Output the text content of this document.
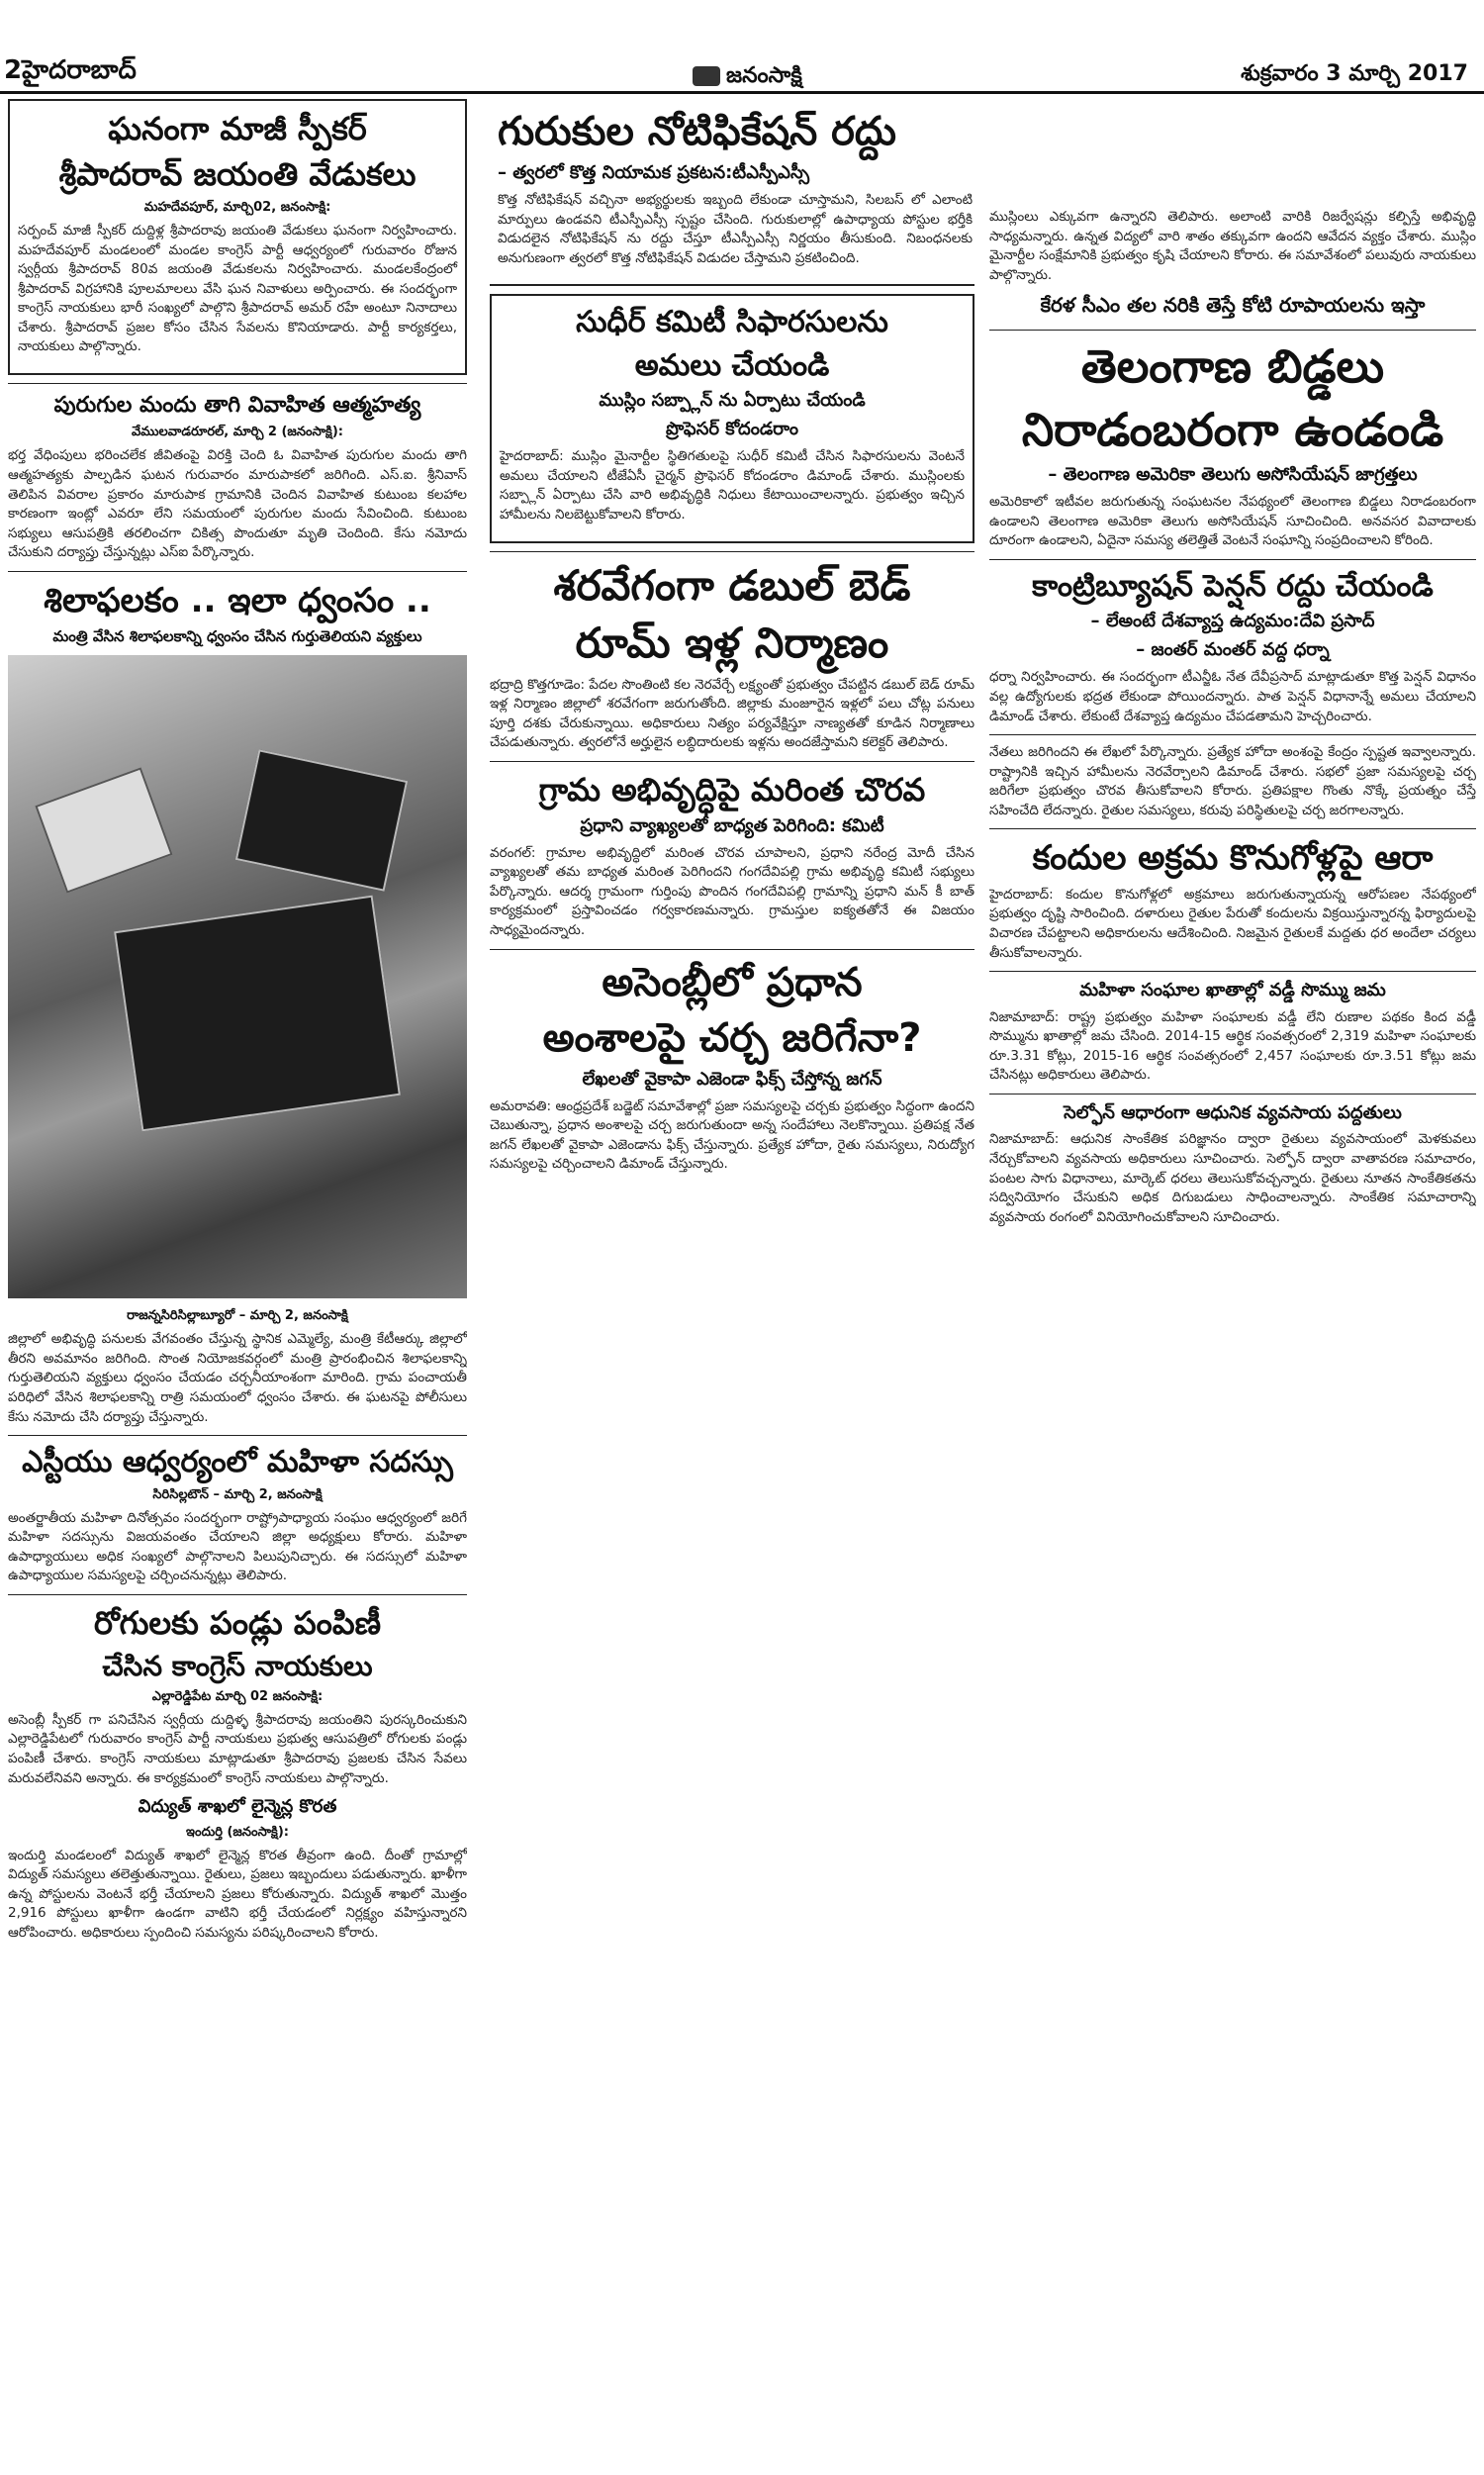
2హైదరాబాద్	జనంసాక్షి	శుక్రవారం 3 మార్చి 2017
ఘనంగా మాజీ స్పీకర్
శ్రీపాదరావ్ జయంతి వేడుకలు
మహదేవపూర్, మార్చి02, జనంసాక్షి:

సర్పంచ్ మాజీ స్పీకర్ దుద్దిళ్ల శ్రీపాదరావు జయంతి వేడుకలు ఘనంగా నిర్వహించారు. మహదేవపూర్ మండలంలో మండల కాంగ్రెస్ పార్టీ ఆధ్వర్యంలో గురువారం రోజున స్వర్గీయ శ్రీపాదరావ్ 80వ జయంతి వేడుకలను నిర్వహించారు. మండలకేంద్రంలో శ్రీపాదరావ్ విగ్రహానికి పూలమాలలు వేసి ఘన నివాళులు అర్పించారు. ఈ సందర్భంగా కాంగ్రెస్ నాయకులు భారీ సంఖ్యలో పాల్గొని శ్రీపాదరావ్ అమర్ రహే అంటూ నినాదాలు చేశారు. శ్రీపాదరావ్ ప్రజల కోసం చేసిన సేవలను కొనియాడారు. పార్టీ కార్యకర్తలు, నాయకులు పాల్గొన్నారు.

పురుగుల మందు తాగి వివాహిత ఆత్మహత్య
వేములవాడరూరల్, మార్చి 2 (జనంసాక్షి):

భర్త వేధింపులు భరించలేక జీవితంపై విరక్తి చెంది ఓ వివాహిత పురుగుల మందు తాగి ఆత్మహత్యకు పాల్పడిన ఘటన గురువారం మారుపాకలో జరిగింది. ఎస్.ఐ. శ్రీనివాస్ తెలిపిన వివరాల ప్రకారం మారుపాక గ్రామానికి చెందిన వివాహిత కుటుంబ కలహాల కారణంగా ఇంట్లో ఎవరూ లేని సమయంలో పురుగుల మందు సేవించింది. కుటుంబ సభ్యులు ఆసుపత్రికి తరలించగా చికిత్స పొందుతూ మృతి చెందింది. కేసు నమోదు చేసుకుని దర్యాప్తు చేస్తున్నట్లు ఎస్ఐ పేర్కొన్నారు.

శిలాఫలకం .. ఇలా ధ్వంసం ..
మంత్రి వేసిన శిలాఫలకాన్ని ధ్వంసం చేసిన గుర్తుతెలియని వ్యక్తులు
రాజన్నసిరిసిల్లాబ్యూరో – మార్చి 2, జనంసాక్షి

జిల్లాలో అభివృద్ధి పనులకు వేగవంతం చేస్తున్న స్థానిక ఎమ్మెల్యే, మంత్రి కేటీఆర్కు జిల్లాలో తీరని అవమానం జరిగింది. సొంత నియోజకవర్గంలో మంత్రి ప్రారంభించిన శిలాఫలకాన్ని గుర్తుతెలియని వ్యక్తులు ధ్వంసం చేయడం చర్చనీయాంశంగా మారింది. గ్రామ పంచాయతీ పరిధిలో వేసిన శిలాఫలకాన్ని రాత్రి సమయంలో ధ్వంసం చేశారు. ఈ ఘటనపై పోలీసులు కేసు నమోదు చేసి దర్యాప్తు చేస్తున్నారు.

ఎస్టీయు ఆధ్వర్యంలో మహిళా సదస్సు
సిరిసిల్లటౌన్ – మార్చి 2, జనంసాక్షి

అంతర్జాతీయ మహిళా దినోత్సవం సందర్భంగా రాష్ట్రోపాధ్యాయ సంఘం ఆధ్వర్యంలో జరిగే మహిళా సదస్సును విజయవంతం చేయాలని జిల్లా అధ్యక్షులు కోరారు. మహిళా ఉపాధ్యాయులు అధిక సంఖ్యలో పాల్గొనాలని పిలుపునిచ్చారు. ఈ సదస్సులో మహిళా ఉపాధ్యాయుల సమస్యలపై చర్చించనున్నట్లు తెలిపారు.

రోగులకు పండ్లు పంపిణీ
చేసిన కాంగ్రెస్ నాయకులు
ఎల్లారెడ్డిపేట మార్చి 02 జనంసాక్షి:

అసెంబ్లీ స్పీకర్ గా పనిచేసిన స్వర్గీయ దుద్దిళ్ళ శ్రీపాదరావు జయంతిని పురస్కరించుకుని ఎల్లారెడ్డిపేటలో గురువారం కాంగ్రెస్ పార్టీ నాయకులు ప్రభుత్వ ఆసుపత్రిలో రోగులకు పండ్లు పంపిణీ చేశారు. కాంగ్రెస్ నాయకులు మాట్లాడుతూ శ్రీపాదరావు ప్రజలకు చేసిన సేవలు మరువలేనివని అన్నారు. ఈ కార్యక్రమంలో కాంగ్రెస్ నాయకులు పాల్గొన్నారు.

విద్యుత్ శాఖలో లైన్మెన్ల కొరత
ఇందుర్తి (జనంసాక్షి):

ఇందుర్తి మండలంలో విద్యుత్ శాఖలో లైన్మెన్ల కొరత తీవ్రంగా ఉంది. దీంతో గ్రామాల్లో విద్యుత్ సమస్యలు తలెత్తుతున్నాయి. రైతులు, ప్రజలు ఇబ్బందులు పడుతున్నారు. ఖాళీగా ఉన్న పోస్టులను వెంటనే భర్తీ చేయాలని ప్రజలు కోరుతున్నారు. విద్యుత్ శాఖలో మొత్తం 2,916 పోస్టులు ఖాళీగా ఉండగా వాటిని భర్తీ చేయడంలో నిర్లక్ష్యం వహిస్తున్నారని ఆరోపించారు. అధికారులు స్పందించి సమస్యను పరిష్కరించాలని కోరారు.

గురుకుల నోటిఫికేషన్ రద్దు
– త్వరలో కొత్త నియామక ప్రకటన:టీఎస్పీఎస్సీ

కొత్త నోటిఫికేషన్ వచ్చినా అభ్యర్థులకు ఇబ్బంది లేకుండా చూస్తామని, సిలబస్ లో ఎలాంటి మార్పులు ఉండవని టీఎస్పీఎస్సీ స్పష్టం చేసింది. గురుకులాల్లో ఉపాధ్యాయ పోస్టుల భర్తీకి విడుదలైన నోటిఫికేషన్ ను రద్దు చేస్తూ టీఎస్పీఎస్సీ నిర్ణయం తీసుకుంది. నిబంధనలకు అనుగుణంగా త్వరలో కొత్త నోటిఫికేషన్ విడుదల చేస్తామని ప్రకటించింది.

సుధీర్ కమిటీ సిఫారసులను
అమలు చేయండి
ముస్లిం సబ్ప్లాన్ ను ఏర్పాటు చేయండి
ప్రొఫెసర్ కోదండరాం

హైదరాబాద్: ముస్లిం మైనార్టీల స్థితిగతులపై సుధీర్ కమిటీ చేసిన సిఫారసులను వెంటనే అమలు చేయాలని టీజేఏసీ చైర్మన్ ప్రొఫెసర్ కోదండరాం డిమాండ్ చేశారు. ముస్లింలకు సబ్ప్లాన్ ఏర్పాటు చేసి వారి అభివృద్ధికి నిధులు కేటాయించాలన్నారు. ప్రభుత్వం ఇచ్చిన హామీలను నిలబెట్టుకోవాలని కోరారు.

శరవేగంగా డబుల్ బెడ్
రూమ్ ఇళ్ల నిర్మాణం

భద్రాద్రి కొత్తగూడెం: పేదల సొంతింటి కల నెరవేర్చే లక్ష్యంతో ప్రభుత్వం చేపట్టిన డబుల్ బెడ్ రూమ్ ఇళ్ల నిర్మాణం జిల్లాలో శరవేగంగా జరుగుతోంది. జిల్లాకు మంజూరైన ఇళ్లలో పలు చోట్ల పనులు పూర్తి దశకు చేరుకున్నాయి. అధికారులు నిత్యం పర్యవేక్షిస్తూ నాణ్యతతో కూడిన నిర్మాణాలు చేపడుతున్నారు. త్వరలోనే అర్హులైన లబ్ధిదారులకు ఇళ్లను అందజేస్తామని కలెక్టర్ తెలిపారు.

గ్రామ అభివృద్ధిపై మరింత చొరవ
ప్రధాని వ్యాఖ్యలతో బాధ్యత పెరిగింది: కమిటీ

వరంగల్: గ్రామాల అభివృద్ధిలో మరింత చొరవ చూపాలని, ప్రధాని నరేంద్ర మోదీ చేసిన వ్యాఖ్యలతో తమ బాధ్యత మరింత పెరిగిందని గంగదేవిపల్లి గ్రామ అభివృద్ధి కమిటీ సభ్యులు పేర్కొన్నారు. ఆదర్శ గ్రామంగా గుర్తింపు పొందిన గంగదేవిపల్లి గ్రామాన్ని ప్రధాని మన్ కీ బాత్ కార్యక్రమంలో ప్రస్తావించడం గర్వకారణమన్నారు. గ్రామస్తుల ఐక్యతతోనే ఈ విజయం సాధ్యమైందన్నారు.

అసెంబ్లీలో ప్రధాన
అంశాలపై చర్చ జరిగేనా?
లేఖలతో వైకాపా ఎజెండా ఫిక్స్ చేస్తోన్న జగన్

అమరావతి: ఆంధ్రప్రదేశ్ బడ్జెట్ సమావేశాల్లో ప్రజా సమస్యలపై చర్చకు ప్రభుత్వం సిద్ధంగా ఉందని చెబుతున్నా, ప్రధాన అంశాలపై చర్చ జరుగుతుందా అన్న సందేహాలు నెలకొన్నాయి. ప్రతిపక్ష నేత జగన్ లేఖలతో వైకాపా ఎజెండాను ఫిక్స్ చేస్తున్నారు. ప్రత్యేక హోదా, రైతు సమస్యలు, నిరుద్యోగ సమస్యలపై చర్చించాలని డిమాండ్ చేస్తున్నారు.

ముస్లింలు ఎక్కువగా ఉన్నారని తెలిపారు. అలాంటి వారికి రిజర్వేషన్లు కల్పిస్తే అభివృద్ధి సాధ్యమన్నారు. ఉన్నత విద్యలో వారి శాతం తక్కువగా ఉందని ఆవేదన వ్యక్తం చేశారు. ముస్లిం మైనార్టీల సంక్షేమానికి ప్రభుత్వం కృషి చేయాలని కోరారు. ఈ సమావేశంలో పలువురు నాయకులు పాల్గొన్నారు.

కేరళ సీఎం తల నరికి తెస్తే కోటి రూపాయలను ఇస్తా
తెలంగాణ బిడ్డలు
నిరాడంబరంగా ఉండండి
– తెలంగాణ అమెరికా తెలుగు అసోసియేషన్ జాగ్రత్తలు

అమెరికాలో ఇటీవల జరుగుతున్న సంఘటనల నేపథ్యంలో తెలంగాణ బిడ్డలు నిరాడంబరంగా ఉండాలని తెలంగాణ అమెరికా తెలుగు అసోసియేషన్ సూచించింది. అనవసర వివాదాలకు దూరంగా ఉండాలని, ఏదైనా సమస్య తలెత్తితే వెంటనే సంఘాన్ని సంప్రదించాలని కోరింది.

కాంట్రిబ్యూషన్ పెన్షన్ రద్దు చేయండి
– లేఅంటే దేశవ్యాప్త ఉద్యమం:దేవి ప్రసాద్
– జంతర్ మంతర్ వద్ద ధర్నా

ధర్నా నిర్వహించారు. ఈ సందర్భంగా టీఎన్జీఓ నేత దేవీప్రసాద్ మాట్లాడుతూ కొత్త పెన్షన్ విధానం వల్ల ఉద్యోగులకు భద్రత లేకుండా పోయిందన్నారు. పాత పెన్షన్ విధానాన్నే అమలు చేయాలని డిమాండ్ చేశారు. లేకుంటే దేశవ్యాప్త ఉద్యమం చేపడతామని హెచ్చరించారు.

నేతలు జరిగిందని ఈ లేఖలో పేర్కొన్నారు. ప్రత్యేక హోదా అంశంపై కేంద్రం స్పష్టత ఇవ్వాలన్నారు. రాష్ట్రానికి ఇచ్చిన హామీలను నెరవేర్చాలని డిమాండ్ చేశారు. సభలో ప్రజా సమస్యలపై చర్చ జరిగేలా ప్రభుత్వం చొరవ తీసుకోవాలని కోరారు. ప్రతిపక్షాల గొంతు నొక్కే ప్రయత్నం చేస్తే సహించేది లేదన్నారు. రైతుల సమస్యలు, కరువు పరిస్థితులపై చర్చ జరగాలన్నారు.

కందుల అక్రమ కొనుగోళ్లపై ఆరా

హైదరాబాద్: కందుల కొనుగోళ్లలో అక్రమాలు జరుగుతున్నాయన్న ఆరోపణల నేపథ్యంలో ప్రభుత్వం దృష్టి సారించింది. దళారులు రైతుల పేరుతో కందులను విక్రయిస్తున్నారన్న ఫిర్యాదులపై విచారణ చేపట్టాలని అధికారులను ఆదేశించింది. నిజమైన రైతులకే మద్దతు ధర అందేలా చర్యలు తీసుకోవాలన్నారు.

మహిళా సంఘాల ఖాతాల్లో వడ్డీ సొమ్ము జమ

నిజామాబాద్: రాష్ట్ర ప్రభుత్వం మహిళా సంఘాలకు వడ్డీ లేని రుణాల పథకం కింద వడ్డీ సొమ్మును ఖాతాల్లో జమ చేసింది. 2014-15 ఆర్థిక సంవత్సరంలో 2,319 మహిళా సంఘాలకు రూ.3.31 కోట్లు, 2015-16 ఆర్థిక సంవత్సరంలో 2,457 సంఘాలకు రూ.3.51 కోట్లు జమ చేసినట్లు అధికారులు తెలిపారు.

సెల్ఫోన్ ఆధారంగా ఆధునిక వ్యవసాయ పద్దతులు

నిజామాబాద్: ఆధునిక సాంకేతిక పరిజ్ఞానం ద్వారా రైతులు వ్యవసాయంలో మెళకువలు నేర్చుకోవాలని వ్యవసాయ అధికారులు సూచించారు. సెల్ఫోన్ ద్వారా వాతావరణ సమాచారం, పంటల సాగు విధానాలు, మార్కెట్ ధరలు తెలుసుకోవచ్చన్నారు. రైతులు నూతన సాంకేతికతను సద్వినియోగం చేసుకుని అధిక దిగుబడులు సాధించాలన్నారు. సాంకేతిక సమాచారాన్ని వ్యవసాయ రంగంలో వినియోగించుకోవాలని సూచించారు.
